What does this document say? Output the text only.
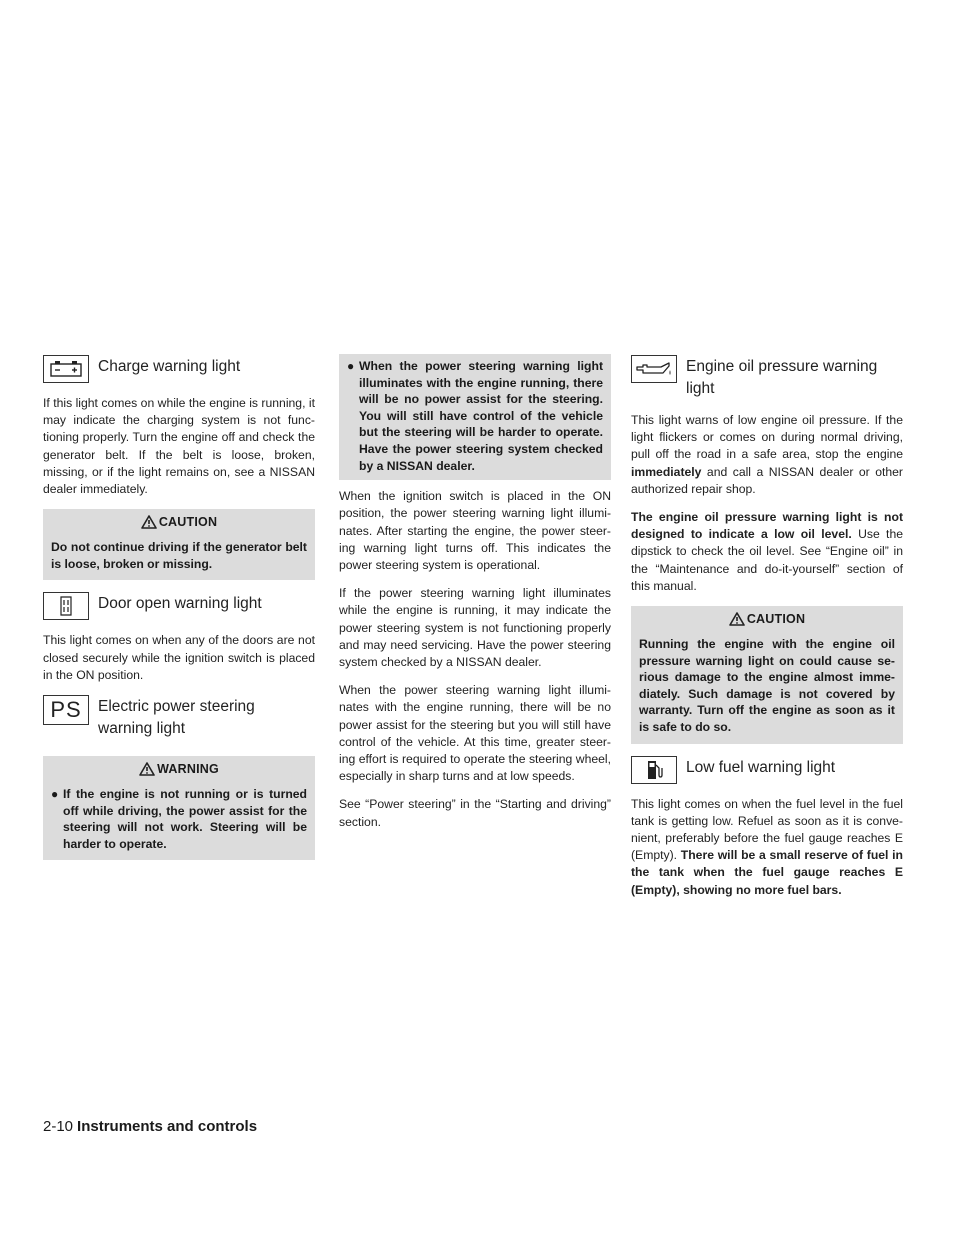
Charge warning light

If this light comes on while the engine is running, it may indicate the charging system is not func-tioning properly. Turn the engine off and check the generator belt. If the belt is loose, broken, missing, or if the light remains on, see a NISSAN dealer immediately.

CAUTION
Do not continue driving if the generator belt is loose, broken or missing.
Door open warning light

This light comes on when any of the doors are not closed securely while the ignition switch is placed in the ON position.

PS Electric power steering
warning light
WARNING
● If the engine is not running or is turned off while driving, the power assist for the steering will not work. Steering will be harder to operate.
● When the power steering warning light illuminates with the engine running, there will be no power assist for the steering. You will still have control of the vehicle but the steering will be harder to operate. Have the power steering system checked by a NISSAN dealer.

When the ignition switch is placed in the ON position, the power steering warning light illumi-nates. After starting the engine, the power steer-ing warning light turns off. This indicates the power steering system is operational.

If the power steering warning light illuminates while the engine is running, it may indicate the power steering system is not functioning properly and may need servicing. Have the power steering system checked by a NISSAN dealer.

When the power steering warning light illumi-nates with the engine running, there will be no power assist for the steering but you will still have control of the vehicle. At this time, greater steer-ing effort is required to operate the steering wheel, especially in sharp turns and at low speeds.

See “Power steering” in the “Starting and driving” section.

Engine oil pressure warning
light

This light warns of low engine oil pressure. If the light flickers or comes on during normal driving, pull off the road in a safe area, stop the engine immediately and call a NISSAN dealer or other authorized repair shop.

The engine oil pressure warning light is not designed to indicate a low oil level. Use the dipstick to check the oil level. See “Engine oil” in the “Maintenance and do-it-yourself” section of this manual.

CAUTION
Running the engine with the engine oil pressure warning light on could cause se-rious damage to the engine almost imme-diately. Such damage is not covered by warranty. Turn off the engine as soon as it is safe to do so.
Low fuel warning light

This light comes on when the fuel level in the fuel tank is getting low. Refuel as soon as it is conve-nient, preferably before the fuel gauge reaches E (Empty). There will be a small reserve of fuel in the tank when the fuel gauge reaches E (Empty), showing no more fuel bars.

2-10 Instruments and controls
